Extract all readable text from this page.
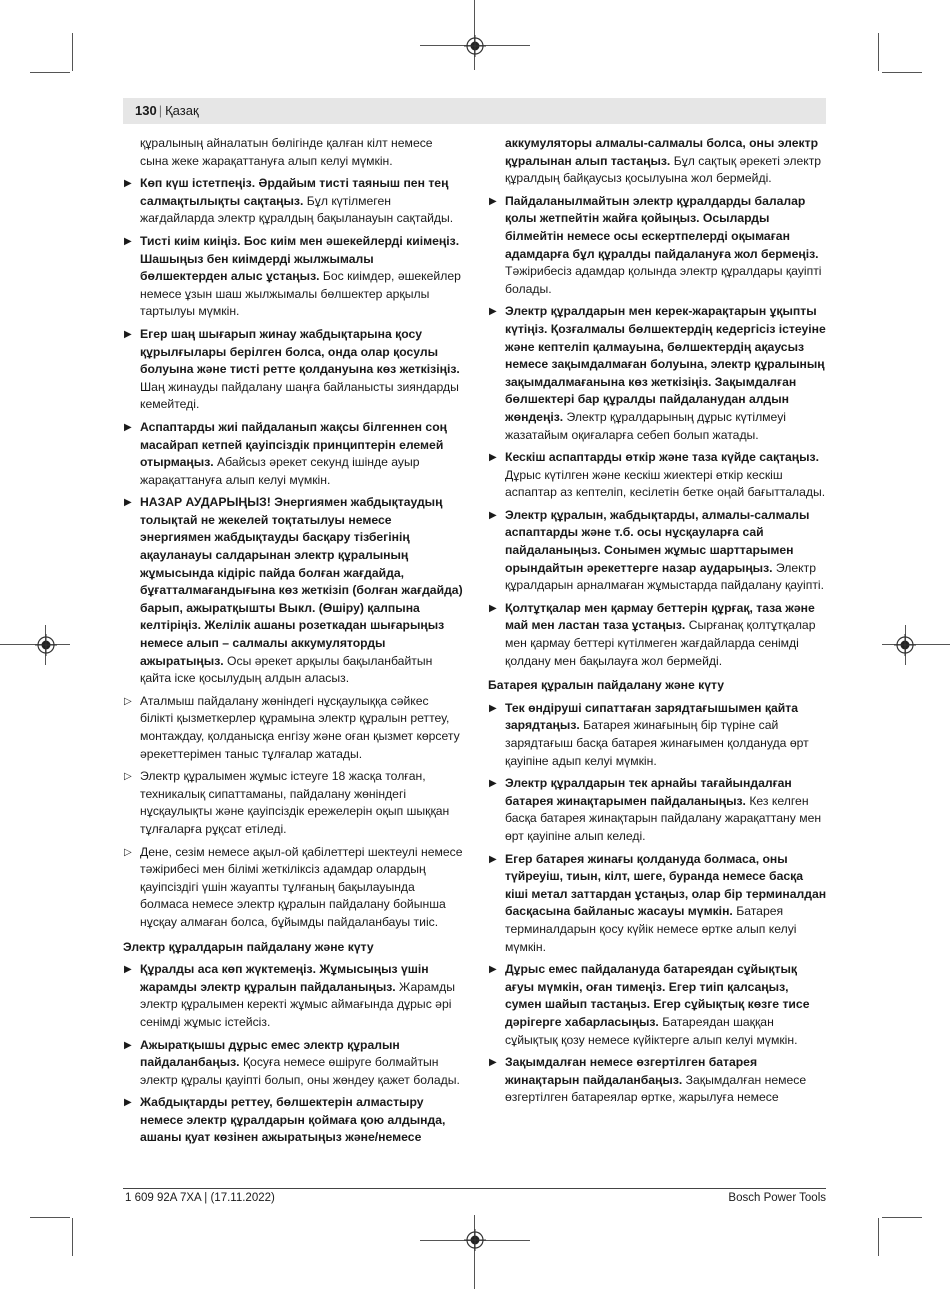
130 | Қазақ
құралының айналатын бөлігінде қалған кілт немесе сына жеке жарақаттануға алып келуі мүмкін.
▶ Көп күш істетпеңіз. Әрдайым тисті таяныш пен тең салмақтылықты сақтаңыз. Бұл күтілмеген жағдайларда электр құралдың бақыланауын сақтайды.
▶ Тисті киім киіңіз. Бос киім мен әшекейлерді киімеңіз. Шашыңыз бен киімдерді жылжымалы бөлшектерден алыс ұстаңыз. Бос киімдер, әшекейлер немесе ұзын шаш жылжымалы бөлшектер арқылы тартылуы мүмкін.
▶ Егер шаң шығарып жинау жабдықтарына қосу құрылғылары берілген болса, онда олар қосулы болуына және тисті ретте қолдануына көз жеткізіңіз. Шаң жинауды пайдалану шаңға байланысты зияндарды кемейтеді.
▶ Аспаптарды жиі пайдаланып жақсы білгеннен соң масайрап кетпей қауіпсіздік принциптерін елемей отырмаңыз. Абайсыз әрекет секунд ішінде ауыр жарақаттануға алып келуі мүмкін.
▶ НАЗАР АУДАРЫҢЫЗ! Энергиямен жабдықтаудың толықтай не жекелей тоқтатылуы немесе энергиямен жабдықтауды басқару тізбегінің ақауланауы салдарынан электр құралының жұмысында кідіріс пайда болған жағдайда, бұғатталмағандығына көз жеткізіп (болған жағдайда) барып, ажыратқышты Выкл. (Өшіру) қалпына келтіріңіз. Желілік ашаны розеткадан шығарыңыз немесе алып – салмалы аккумуляторды ажыратыңыз. Осы әрекет арқылы бақыланбайтын қайта іске қосылудың алдын аласыз.
▷ Аталмыш пайдалану жөніндегі нұсқаулыққа сәйкес білікті қызметкерлер құрамына электр құралын реттеу, монтаждау, қолданысқа енгізу және оған қызмет көрсету әрекеттерімен таныс тұлғалар жатады.
▷ Электр құралымен жұмыс істеуге 18 жасқа толған, техникалық сипаттаманы, пайдалану жөніндегі нұсқаулықты және қауіпсіздік ережелерін оқып шыққан тұлғаларға рұқсат етіледі.
▷ Дене, сезім немесе ақыл-ой қабілеттері шектеулі немесе тәжірибесі мен білімі жеткіліксіз адамдар олардың қауіпсіздігі үшін жауапты тұлғаның бақылауында болмаса немесе электр құралын пайдалану бойынша нұсқау алмаған болса, бұйымды пайдаланбауы тиіс.
Электр құралдарын пайдалану және күту
▶ Құралды аса көп жүктемеңіз. Жұмысыңыз үшін жарамды электр құралын пайдаланыңыз. Жарамды электр құралымен керекті жұмыс аймағында дұрыс әрі сенімді жұмыс істейсіз.
▶ Ажыратқышы дұрыс емес электр құралын пайдаланбаңыз. Қосуға немесе өшіруге болмайтын электр құралы қауіпті болып, оны жөндеу қажет болады.
▶ Жабдықтарды реттеу, бөлшектерін алмастыру немесе электр құралдарын қоймаға қою алдында, ашаны қуат көзінен ажыратыңыз және/немесе
аккумуляторы алмалы-салмалы болса, оны электр құралынан алып тастаңыз. Бұл сақтық әрекеті электр құралдың байқаусыз қосылуына жол бермейді.
▶ Пайдаланылмайтын электр құралдарды балалар қолы жетпейтін жайға қойыңыз. Осыларды білмейтін немесе осы ескертпелерді оқымаған адамдарға бұл құралды пайдалануға жол бермеңіз. Тәжірибесіз адамдар қолында электр құралдары қауіпті болады.
▶ Электр құралдарын мен керек-жарақтарын ұқыпты күтіңіз. Қозғалмалы бөлшектердің кедергісіз істеуіне және кептеліп қалмауына, бөлшектердің ақаусыз немесе зақымдалмаған болуына, электр құралының зақымдалмағанына көз жеткізіңіз. Зақымдалған бөлшектері бар құралды пайдаланудан алдын жөндеңіз. Электр құралдарының дұрыс күтілмеуі жазатайым оқиғаларға себеп болып жатады.
▶ Кескіш аспаптарды өткір және таза күйде сақтаңыз. Дұрыс күтілген және кескіш жиектері өткір кескіш аспаптар аз кептеліп, кесілетін бетке оңай бағытталады.
▶ Электр құралын, жабдықтарды, алмалы-салмалы аспаптарды және т.б. осы нұсқауларға сай пайдаланыңыз. Сонымен жұмыс шарттарымен орындайтын әрекеттерге назар аударыңыз. Электр құралдарын арналмаған жұмыстарда пайдалану қауіпті.
▶ Қолтұтқалар мен қармау беттерін құрғақ, таза және май мен ластан таза ұстаңыз. Сырғанақ қолтұтқалар мен қармау беттері күтілмеген жағдайларда сенімді қолдану мен бақылауға жол бермейді.
Батарея құралын пайдалану және күту
▶ Тек өндіруші сипаттаған зарядтағышымен қайта зарядтаңыз. Батарея жинағының бір түріне сай зарядтағыш басқа батарея жинағымен қолдануда өрт қауіпіне адып келуі мүмкін.
▶ Электр құралдарын тек арнайы тағайындалған батарея жинақтарымен пайдаланыңыз. Кез келген басқа батарея жинақтарын пайдалану жарақаттану мен өрт қауіпіне алып келеді.
▶ Егер батарея жинағы қолдануда болмаса, оны түйреуіш, тиын, кілт, шеге, буранда немесе басқа кіші метал заттардан ұстаңыз, олар бір терминалдан басқасына байланыс жасауы мүмкін. Батарея терминалдарын қосу күйік немесе өртке алып келуі мүмкін.
▶ Дұрыс емес пайдалануда батареядан сұйықтық ағуы мүмкін, оған тимеңіз. Егер тиіп қалсаңыз, сумен шайып тастаңыз. Егер сұйықтық көзге тисе дәрігерге хабарласыңыз. Батареядан шаққан сұйықтық қозу немесе күйіктерге алып келуі мүмкін.
▶ Зақымдалған немесе өзгертілген батарея жинақтарын пайдаланбаңыз. Зақымдалған немесе өзгертілген батареялар өртке, жарылуға немесе
1 609 92A 7XA | (17.11.2022)	Bosch Power Tools
